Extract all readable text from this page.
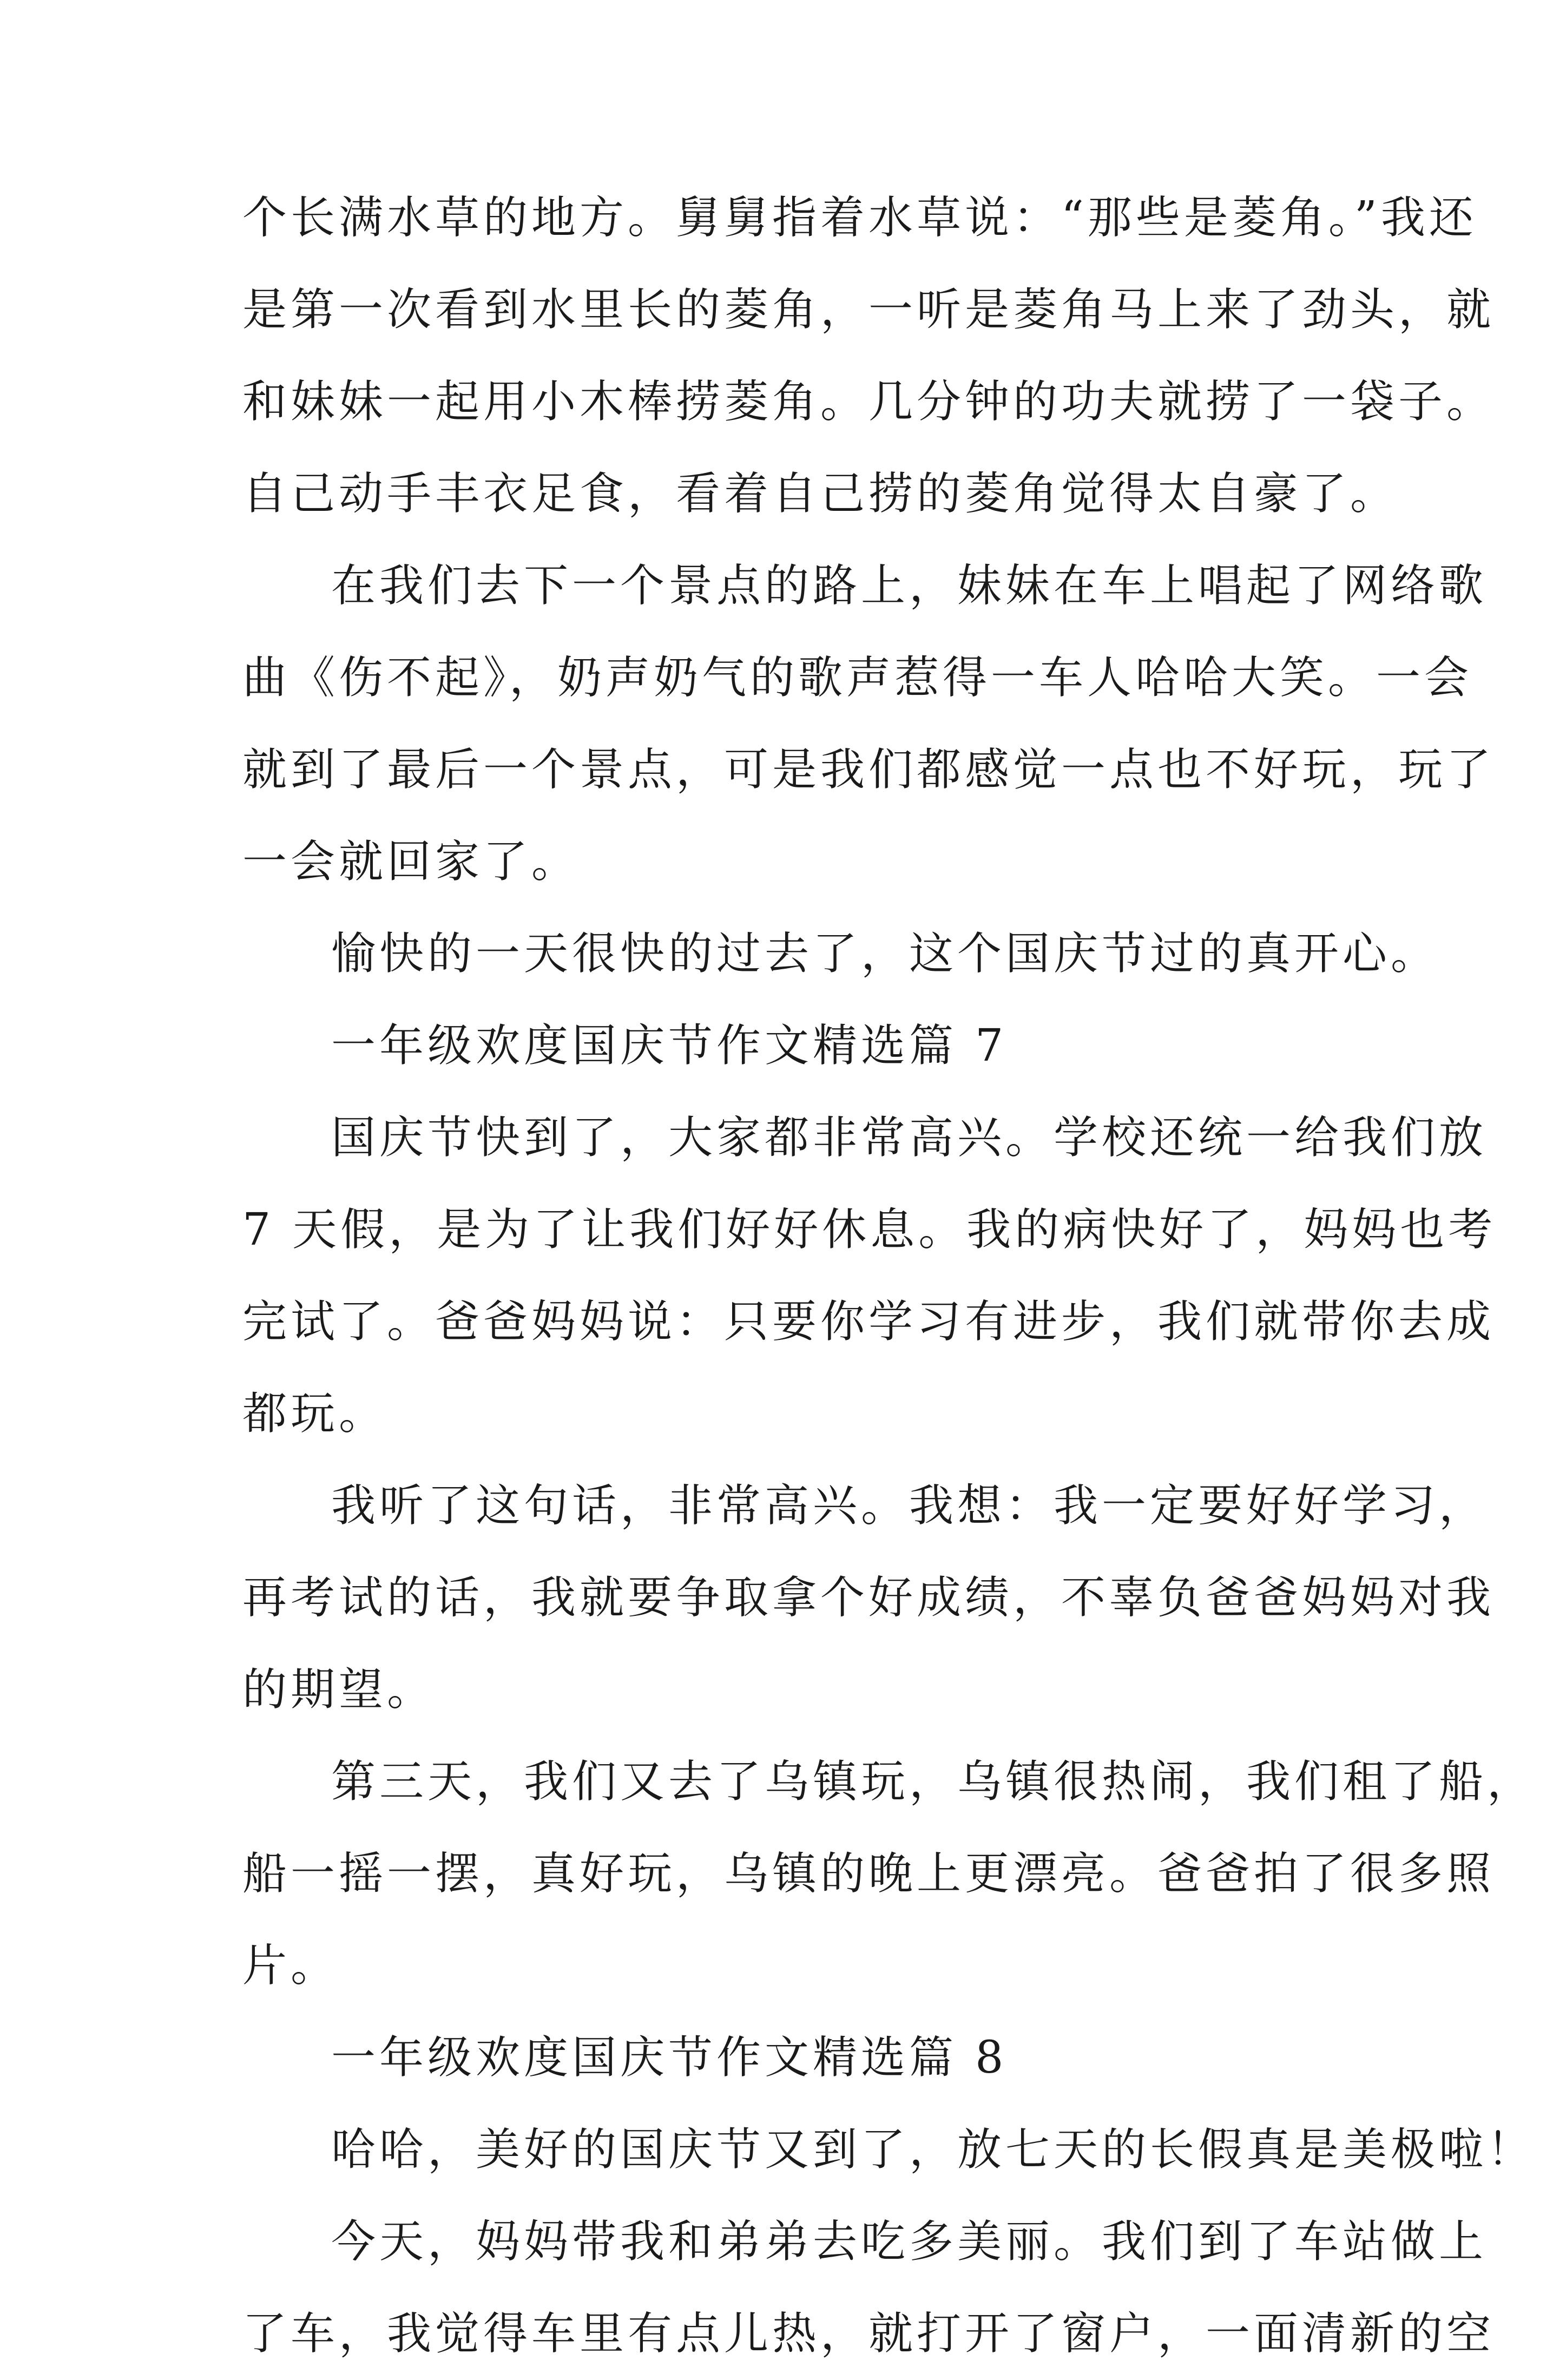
个长满水草的地方。舅舅指着水草说：“那些是菱角。”我还
是第一次看到水里长的菱角，一听是菱角马上来了劲头，就
和妹妹一起用小木棒捞菱角。几分钟的功夫就捞了一袋子。
自己动手丰衣足食，看着自己捞的菱角觉得太自豪了。

在我们去下一个景点的路上，妹妹在车上唱起了网络歌
曲《伤不起》，奶声奶气的歌声惹得一车人哈哈大笑。一会
就到了最后一个景点，可是我们都感觉一点也不好玩，玩了
一会就回家了。

愉快的一天很快的过去了，这个国庆节过的真开心。

一年级欢度国庆节作文精选篇 7

国庆节快到了，大家都非常高兴。学校还统一给我们放
7 天假，是为了让我们好好休息。我的病快好了，妈妈也考
完试了。爸爸妈妈说：只要你学习有进步，我们就带你去成
都玩。

我听了这句话，非常高兴。我想：我一定要好好学习，
再考试的话，我就要争取拿个好成绩，不辜负爸爸妈妈对我
的期望。

第三天，我们又去了乌镇玩，乌镇很热闹，我们租了船，
船一摇一摆，真好玩，乌镇的晚上更漂亮。爸爸拍了很多照
片。

一年级欢度国庆节作文精选篇 8

哈哈，美好的国庆节又到了，放七天的长假真是美极啦！

今天，妈妈带我和弟弟去吃多美丽。我们到了车站做上
了车，我觉得车里有点儿热，就打开了窗户，一面清新的空
